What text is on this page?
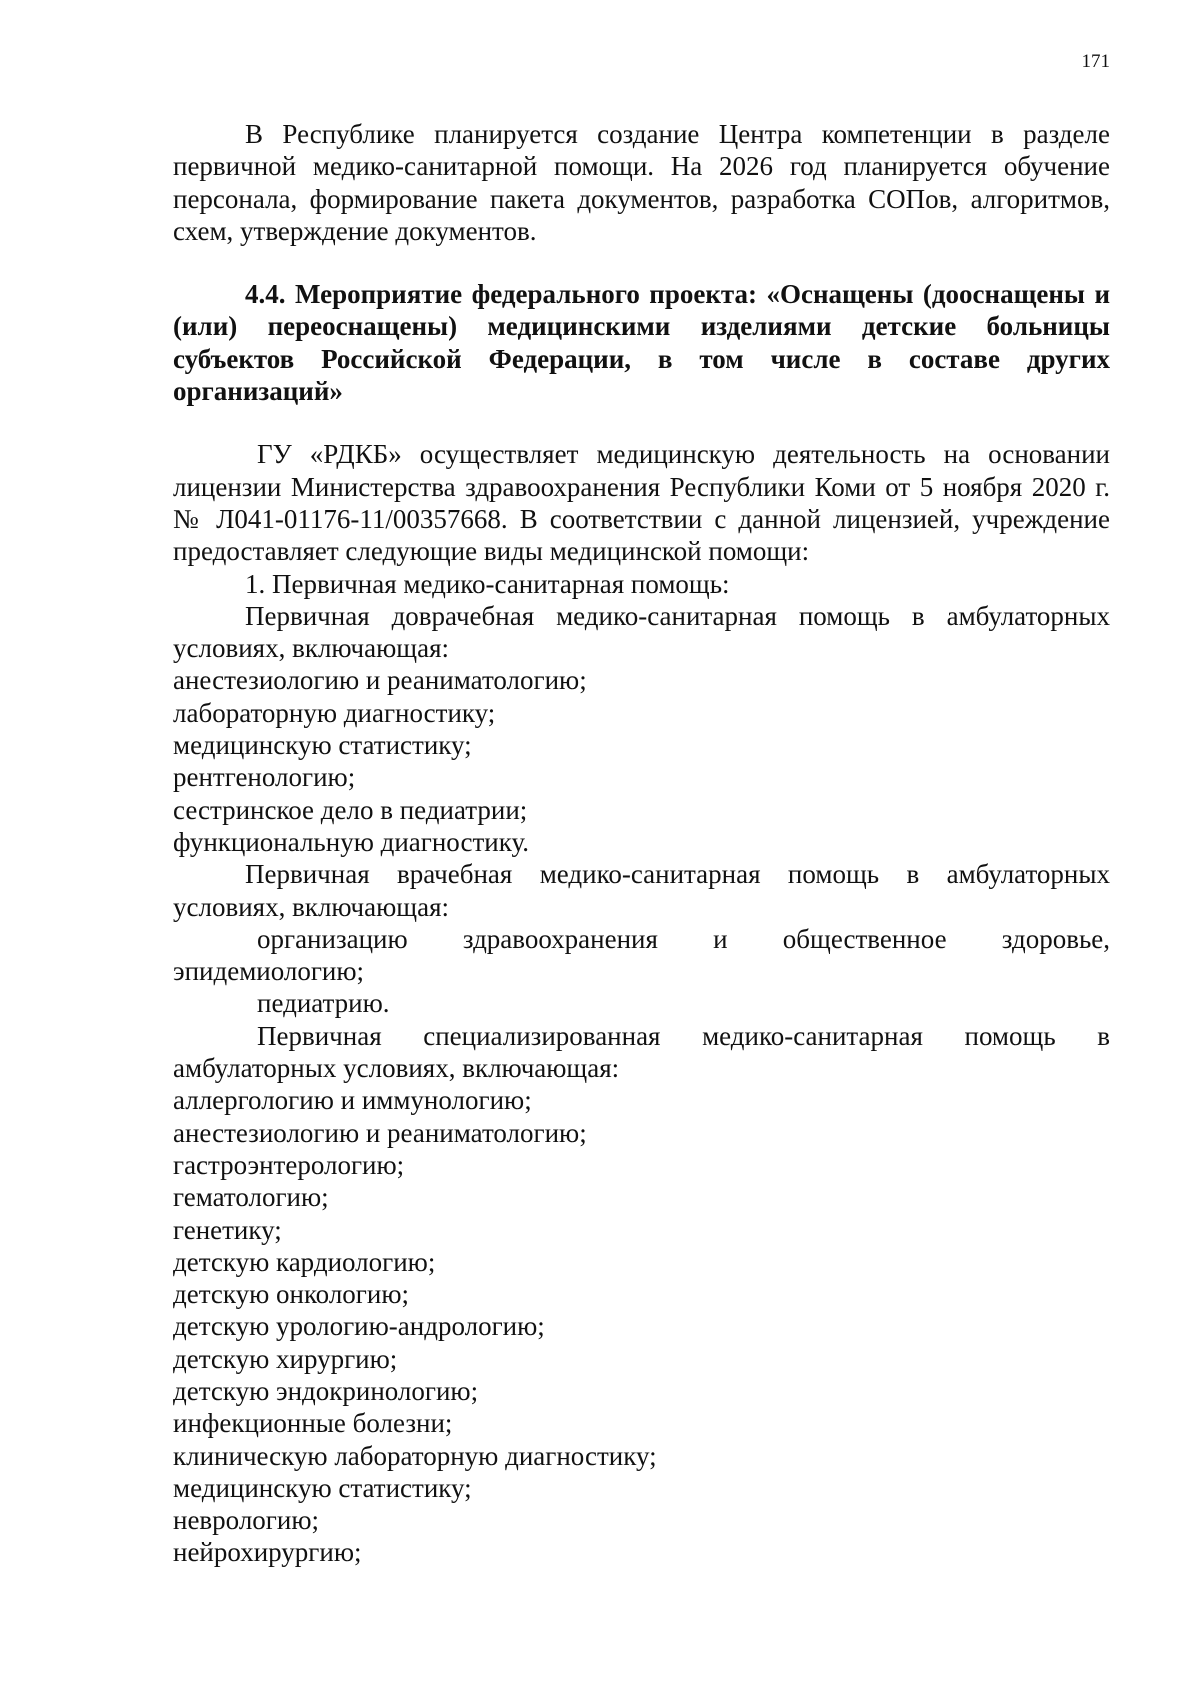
171

В Республике планируется создание Центра компетенции в разделе первичной медико-санитарной помощи. На 2026 год планируется обучение персонала, формирование пакета документов, разработка СОПов, алгоритмов, схем, утверждение документов.

4.4. Мероприятие федерального проекта: «Оснащены (дооснащены и (или) переоснащены) медицинскими изделиями детские больницы субъектов Российской Федерации, в том числе в составе других организаций»

ГУ «РДКБ» осуществляет медицинскую деятельность на основании лицензии Министерства здравоохранения Республики Коми от 5 ноября 2020 г. № Л041-01176-11/00357668. В соответствии с данной лицензией, учреждение предоставляет следующие виды медицинской помощи:

1. Первичная медико-санитарная помощь:

Первичная доврачебная медико-санитарная помощь в амбулаторных условиях, включающая:

анестезиологию и реаниматологию;

лабораторную диагностику;

медицинскую статистику;

рентгенологию;

сестринское дело в педиатрии;

функциональную диагностику.

Первичная врачебная медико-санитарная помощь в амбулаторных условиях, включающая:

организацию здравоохранения и общественное здоровье, эпидемиологию;

педиатрию.

Первичная специализированная медико-санитарная помощь в амбулаторных условиях, включающая:

аллергологию и иммунологию;

анестезиологию и реаниматологию;

гастроэнтерологию;

гематологию;

генетику;

детскую кардиологию;

детскую онкологию;

детскую урологию-андрологию;

детскую хирургию;

детскую эндокринологию;

инфекционные болезни;

клиническую лабораторную диагностику;

медицинскую статистику;

неврологию;

нейрохирургию;
